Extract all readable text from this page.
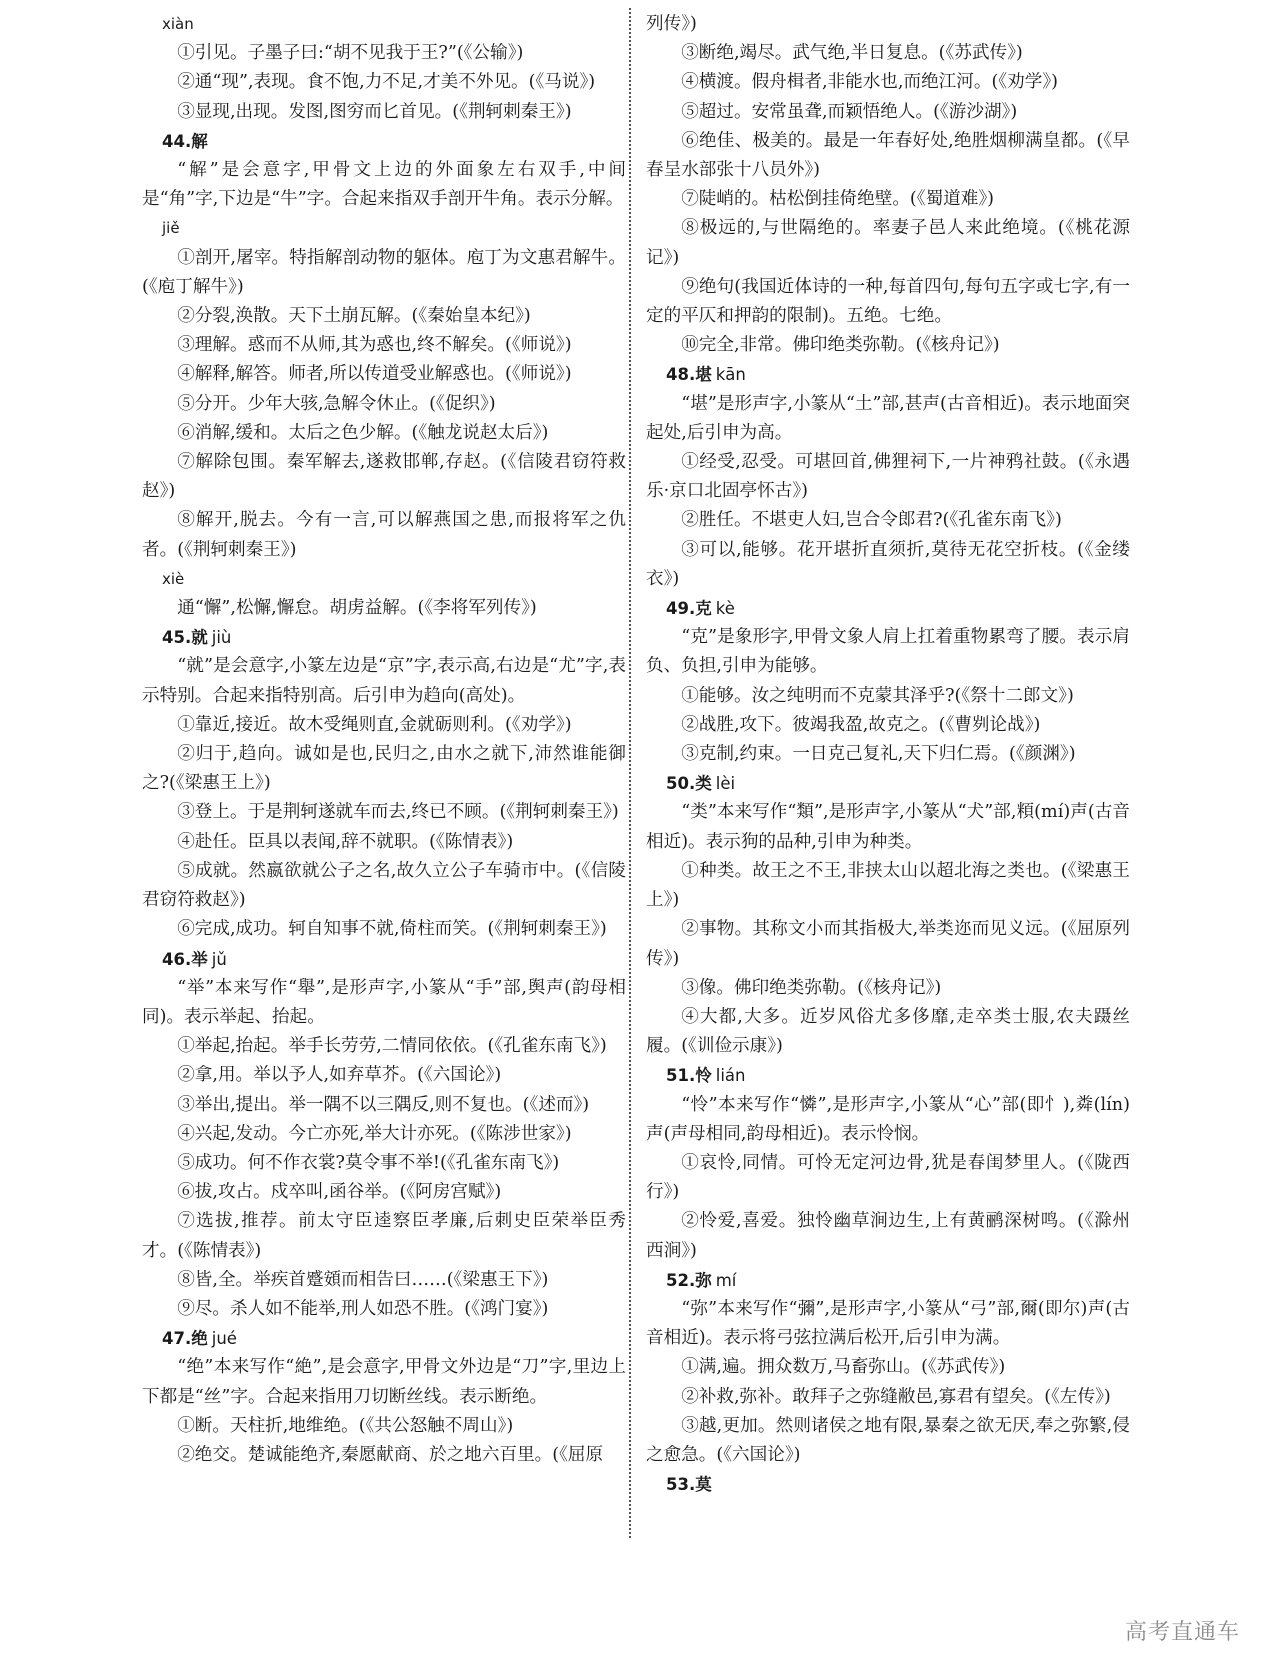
xiàn

①引见。子墨子曰:“胡不见我于王?”(《公输》)

②通“现”,表现。食不饱,力不足,才美不外见。(《马说》)

③显现,出现。发图,图穷而匕首见。(《荆轲刺秦王》)

44.解

“解”是会意字,甲骨文上边的外面象左右双手,中间是“角”字,下边是“牛”字。合起来指双手剖开牛角。表示分解。

jiě

①剖开,屠宰。特指解剖动物的躯体。庖丁为文惠君解牛。(《庖丁解牛》)

②分裂,涣散。天下土崩瓦解。(《秦始皇本纪》)

③理解。惑而不从师,其为惑也,终不解矣。(《师说》)

④解释,解答。师者,所以传道受业解惑也。(《师说》)

⑤分开。少年大骇,急解令休止。(《促织》)

⑥消解,缓和。太后之色少解。(《触龙说赵太后》)

⑦解除包围。秦军解去,遂救邯郸,存赵。(《信陵君窃符救赵》)

⑧解开,脱去。今有一言,可以解燕国之患,而报将军之仇者。(《荆轲刺秦王》)

xiè

通“懈”,松懈,懈怠。胡虏益解。(《李将军列传》)

45.就 jiù

“就”是会意字,小篆左边是“京”字,表示高,右边是“尤”字,表示特别。合起来指特别高。后引申为趋向(高处)。

①靠近,接近。故木受绳则直,金就砺则利。(《劝学》)

②归于,趋向。诚如是也,民归之,由水之就下,沛然谁能御之?(《梁惠王上》)

③登上。于是荆轲遂就车而去,终已不顾。(《荆轲刺秦王》)

④赴任。臣具以表闻,辞不就职。(《陈情表》)

⑤成就。然嬴欲就公子之名,故久立公子车骑市中。(《信陵君窃符救赵》)

⑥完成,成功。轲自知事不就,倚柱而笑。(《荆轲刺秦王》)

46.举 jǔ

“举”本来写作“舉”,是形声字,小篆从“手”部,舆声(韵母相同)。表示举起、抬起。

①举起,抬起。举手长劳劳,二情同依依。(《孔雀东南飞》)

②拿,用。举以予人,如弃草芥。(《六国论》)

③举出,提出。举一隅不以三隅反,则不复也。(《述而》)

④兴起,发动。今亡亦死,举大计亦死。(《陈涉世家》)

⑤成功。何不作衣裳?莫令事不举!(《孔雀东南飞》)

⑥拔,攻占。戍卒叫,函谷举。(《阿房宫赋》)

⑦选拔,推荐。前太守臣逵察臣孝廉,后刺史臣荣举臣秀才。(《陈情表》)

⑧皆,全。举疾首蹙頞而相告曰……(《梁惠王下》)

⑨尽。杀人如不能举,刑人如恐不胜。(《鸿门宴》)

47.绝 jué

“绝”本来写作“絶”,是会意字,甲骨文外边是“刀”字,里边上下都是“丝”字。合起来指用刀切断丝线。表示断绝。

①断。天柱折,地维绝。(《共公怒触不周山》)

②绝交。楚诚能绝齐,秦愿献商、於之地六百里。(《屈原

列传》)

③断绝,竭尽。武气绝,半日复息。(《苏武传》)

④横渡。假舟楫者,非能水也,而绝江河。(《劝学》)

⑤超过。安常虽聋,而颖悟绝人。(《游沙湖》)

⑥绝佳、极美的。最是一年春好处,绝胜烟柳满皇都。(《早春呈水部张十八员外》)

⑦陡峭的。枯松倒挂倚绝壁。(《蜀道难》)

⑧极远的,与世隔绝的。率妻子邑人来此绝境。(《桃花源记》)

⑨绝句(我国近体诗的一种,每首四句,每句五字或七字,有一定的平仄和押韵的限制)。五绝。七绝。

⑩完全,非常。佛印绝类弥勒。(《核舟记》)

48.堪 kān

“堪”是形声字,小篆从“土”部,甚声(古音相近)。表示地面突起处,后引申为高。

①经受,忍受。可堪回首,佛狸祠下,一片神鸦社鼓。(《永遇乐·京口北固亭怀古》)

②胜任。不堪吏人妇,岂合令郎君?(《孔雀东南飞》)

③可以,能够。花开堪折直须折,莫待无花空折枝。(《金缕衣》)

49.克 kè

“克”是象形字,甲骨文象人肩上扛着重物累弯了腰。表示肩负、负担,引申为能够。

①能够。汝之纯明而不克蒙其泽乎?(《祭十二郎文》)

②战胜,攻下。彼竭我盈,故克之。(《曹刿论战》)

③克制,约束。一日克己复礼,天下归仁焉。(《颜渊》)

50.类 lèi

“类”本来写作“類”,是形声字,小篆从“犬”部,頪(mí)声(古音相近)。表示狗的品种,引申为种类。

①种类。故王之不王,非挟太山以超北海之类也。(《梁惠王上》)

②事物。其称文小而其指极大,举类迩而见义远。(《屈原列传》)

③像。佛印绝类弥勒。(《核舟记》)

④大都,大多。近岁风俗尤多侈靡,走卒类士服,农夫蹑丝履。(《训俭示康》)

51.怜 lián

“怜”本来写作“憐”,是形声字,小篆从“心”部(即忄),粦(lín)声(声母相同,韵母相近)。表示怜悯。

①哀怜,同情。可怜无定河边骨,犹是春闺梦里人。(《陇西行》)

②怜爱,喜爱。独怜幽草涧边生,上有黄鹂深树鸣。(《滁州西涧》)

52.弥 mí

“弥”本来写作“彌”,是形声字,小篆从“弓”部,爾(即尔)声(古音相近)。表示将弓弦拉满后松开,后引申为满。

①满,遍。拥众数万,马畜弥山。(《苏武传》)

②补救,弥补。敢拜子之弥缝敝邑,寡君有望矣。(《左传》)

③越,更加。然则诸侯之地有限,暴秦之欲无厌,奉之弥繁,侵之愈急。(《六国论》)

53.莫

高考直通车
